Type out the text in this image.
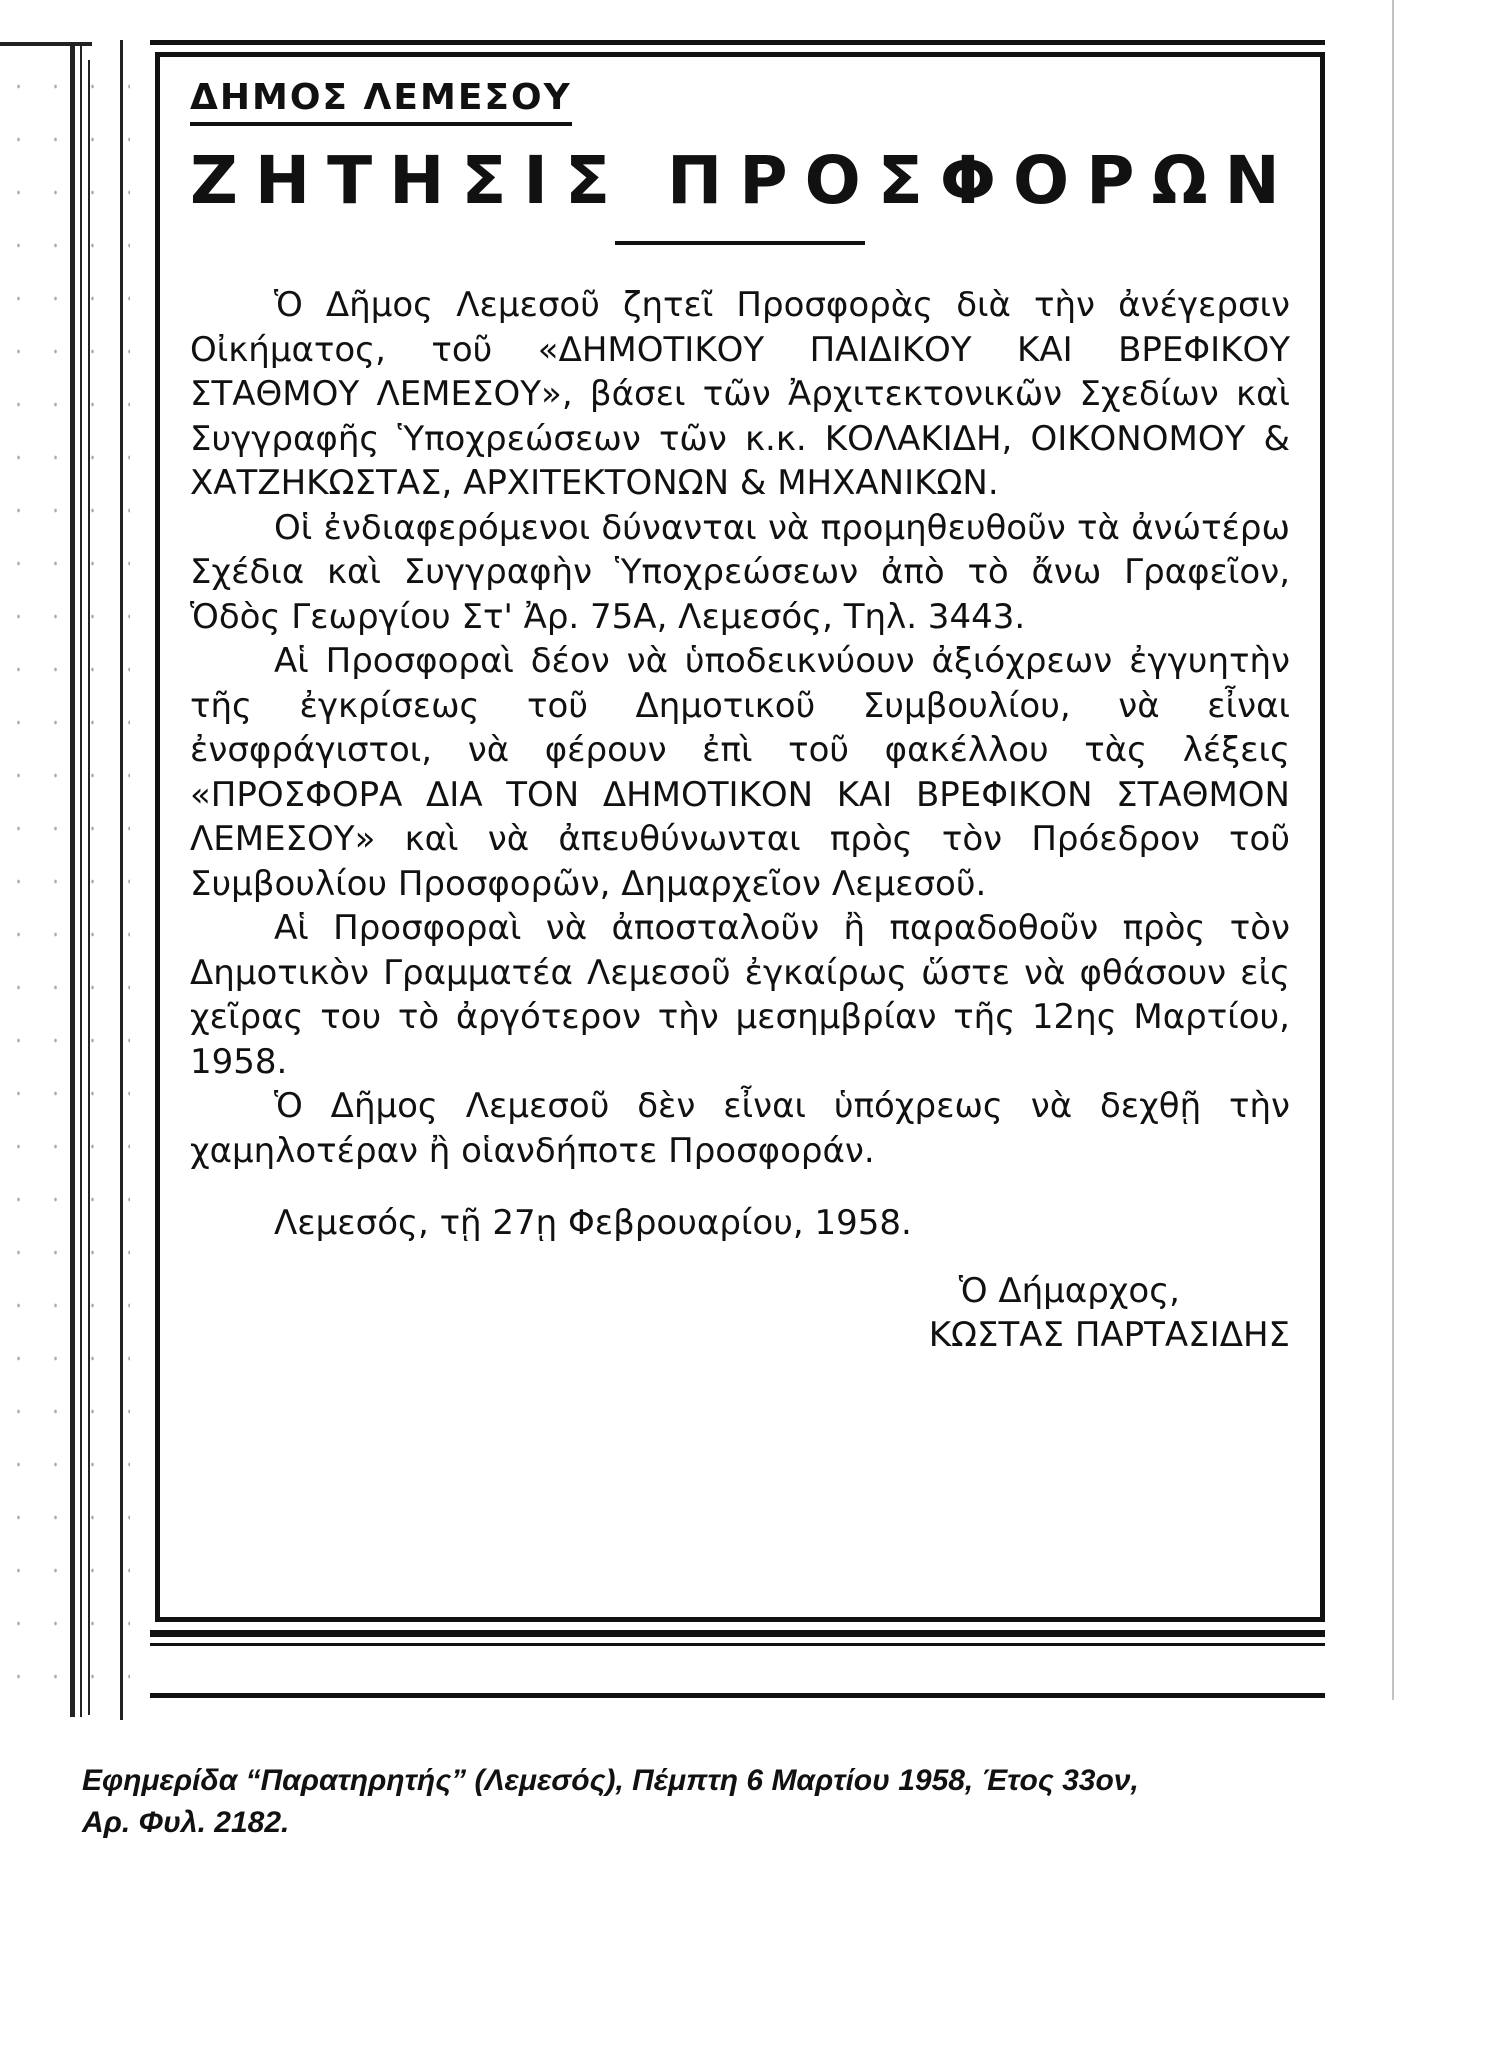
ΔΗΜΟΣ ΛΕΜΕΣΟΥ
ΖΗΤΗΣΙΣ ΠΡΟΣΦΟΡΩΝ

Ὁ Δῆμος Λεμεσοῦ ζητεῖ Προσφορὰς διὰ τὴν ἀνέγερσιν Οἰκήματος, τοῦ «ΔΗΜΟΤΙΚΟΥ ΠΑΙΔΙΚΟΥ ΚΑΙ ΒΡΕΦΙΚΟΥ ΣΤΑΘΜΟΥ ΛΕΜΕΣΟΥ», βάσει τῶν Ἀρχιτεκτονικῶν Σχεδίων καὶ Συγγραφῆς Ὑποχρεώσεων τῶν κ.κ. ΚΟΛΑΚΙΔΗ, ΟΙΚΟΝΟΜΟΥ & ΧΑΤΖΗΚΩΣΤΑΣ, ΑΡΧΙΤΕΚΤΟΝΩΝ & ΜΗΧΑΝΙΚΩΝ.

Οἱ ἐνδιαφερόμενοι δύνανται νὰ προμηθευθοῦν τὰ ἀνώτέρω Σχέδια καὶ Συγγραφὴν Ὑποχρεώσεων ἀπὸ τὸ ἄνω Γραφεῖον, Ὁδὸς Γεωργίου Στ' Ἀρ. 75Α, Λεμεσός, Τηλ. 3443.

Αἱ Προσφοραὶ δέον νὰ ὑποδεικνύουν ἀξιόχρεων ἐγγυητὴν τῆς ἐγκρίσεως τοῦ Δημοτικοῦ Συμβουλίου, νὰ εἶναι ἐνσφράγιστοι, νὰ φέρουν ἐπὶ τοῦ φακέλλου τὰς λέξεις «ΠΡΟΣΦΟΡΑ ΔΙΑ ΤΟΝ ΔΗΜΟΤΙΚΟΝ ΚΑΙ ΒΡΕΦΙΚΟΝ ΣΤΑΘΜΟΝ ΛΕΜΕΣΟΥ» καὶ νὰ ἀπευθύνωνται πρὸς τὸν Πρόεδρον τοῦ Συμβουλίου Προσφορῶν, Δημαρχεῖον Λεμεσοῦ.

Αἱ Προσφοραὶ νὰ ἀποσταλοῦν ἢ παραδοθοῦν πρὸς τὸν Δημοτικὸν Γραμματέα Λεμεσοῦ ἐγκαίρως ὥστε νὰ φθάσουν εἰς χεῖρας του τὸ ἀργότερον τὴν μεσημβρίαν τῆς 12ης Μαρτίου, 1958.

Ὁ Δῆμος Λεμεσοῦ δὲν εἶναι ὑπόχρεως νὰ δεχθῇ τὴν χαμηλοτέραν ἢ οἱανδήποτε Προσφοράν.

Λεμεσός, τῇ 27ῃ Φεβρουαρίου, 1958.
Ὁ Δήμαρχος,
ΚΩΣΤΑΣ ΠΑΡΤΑΣΙΔΗΣ
Εφημερίδα “Παρατηρητής” (Λεμεσός), Πέμπτη 6 Μαρτίου 1958, Έτος 33ον,
Αρ. Φυλ. 2182.
